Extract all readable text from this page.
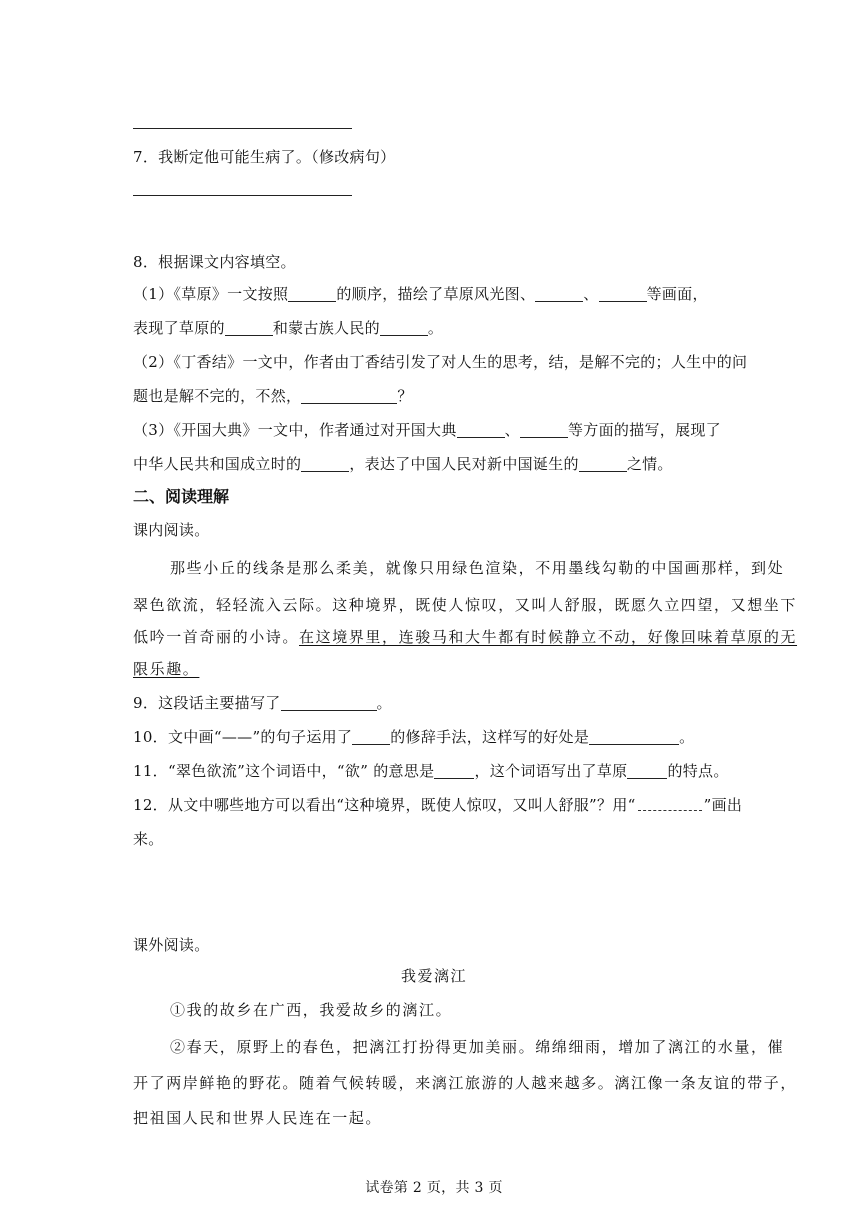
7．我断定他可能生病了。（修改病句）
8．根据课文内容填空。
（1）《草原》一文按照	的顺序，描绘了草原风光图、	、	等画面，
表现了草原的	和蒙古族人民的	。
（2）《丁香结》一文中，作者由丁香结引发了对人生的思考，结，是解不完的；人生中的问
题也是解不完的，不然，	？
（3）《开国大典》一文中，作者通过对开国大典	、	等方面的描写，展现了
中华人民共和国成立时的	，表达了中国人民对新中国诞生的	之情。
二、阅读理解
课内阅读。
那些小丘的线条是那么柔美，就像只用绿色渲染，不用墨线勾勒的中国画那样，到处
翠色欲流，轻轻流入云际。这种境界，既使人惊叹，又叫人舒服，既愿久立四望，又想坐下
低吟一首奇丽的小诗。在这境界里，连骏马和大牛都有时候静立不动，好像回味着草原的无
限乐趣。
9．这段话主要描写了	。
10．文中画“——”的句子运用了	的修辞手法，这样写的好处是	。
11．“翠色欲流”这个词语中，“欲” 的意思是	，这个词语写出了草原	的特点。
12．从文中哪些地方可以看出“这种境界，既使人惊叹，又叫人舒服”？用“	”画出
来。
课外阅读。
我爱漓江
①我的故乡在广西，我爱故乡的漓江。
②春天，原野上的春色，把漓江打扮得更加美丽。绵绵细雨，增加了漓江的水量，催
开了两岸鲜艳的野花。随着气候转暖，来漓江旅游的人越来越多。漓江像一条友谊的带子，
把祖国人民和世界人民连在一起。
试卷第 2 页，共 3 页
